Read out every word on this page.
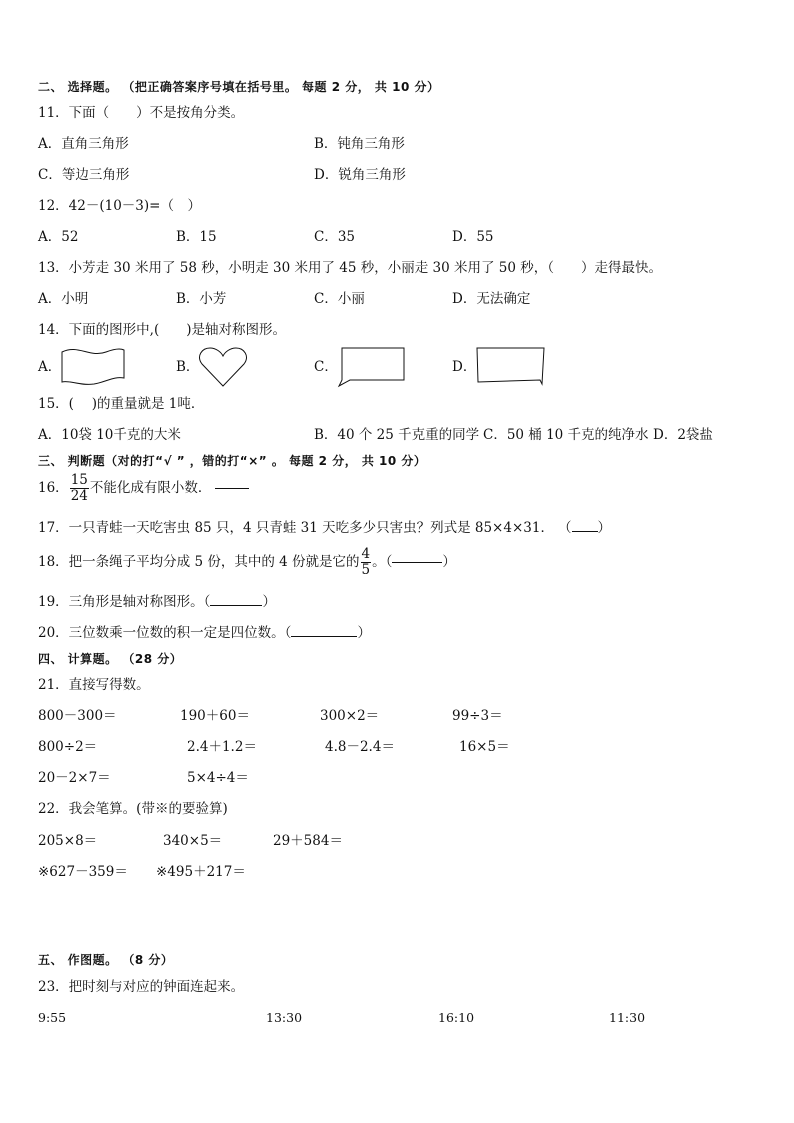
二、 选择题。 （把正确答案序号填在括号里。 每题 2 分， 共 10 分）
11．下面（　　）不是按角分类。
A．直角三角形	B．钝角三角形
C．等边三角形	D．锐角三角形
12．42－(10－3)=（　）
A．52	B．15	C．35	D．55
13．小芳走 30 米用了 58 秒，小明走 30 米用了 45 秒，小丽走 30 米用了 50 秒，（　　）走得最快。
A．小明	B．小芳	C．小丽	D．无法确定
14．下面的图形中,(　　)是轴对称图形。
A．	B．	C．	D．
15．(　 )的重量就是 1吨．
A．10袋 10千克的大米	B．40 个 25 千克重的同学 C．50 桶 10 千克的纯净水 D．2袋盐
三、 判断题（对的打“√ ” ，错的打“×” 。 每题 2 分， 共 10 分）
16． $\frac{15}{24}$ 不能化成有限小数．
17．一只青蛙一天吃害虫 85 只，4 只青蛙 31 天吃多少只害虫？列式是 85×4×31． （ ）
18．把一条绳子平均分成 5 份，其中的 4 份就是它的 $\frac{4}{5}$ 。（	）
19．三角形是轴对称图形。（	）
20．三位数乘一位数的积一定是四位数。（	）
四、 计算题。 （28 分）
21．直接写得数。
800－300＝	190＋60＝	300×2＝	99÷3＝
800÷2＝	2.4＋1.2＝	4.8－2.4＝	16×5＝
20－2×7＝	5×4÷4＝
22．我会笔算。(带※的要验算)
205×8＝	340×5＝	29＋584＝
※627－359＝ ※495＋217＝
五、 作图题。 （8 分）
23．把时刻与对应的钟面连起来。
9:55	13:30	16:10	11:30
